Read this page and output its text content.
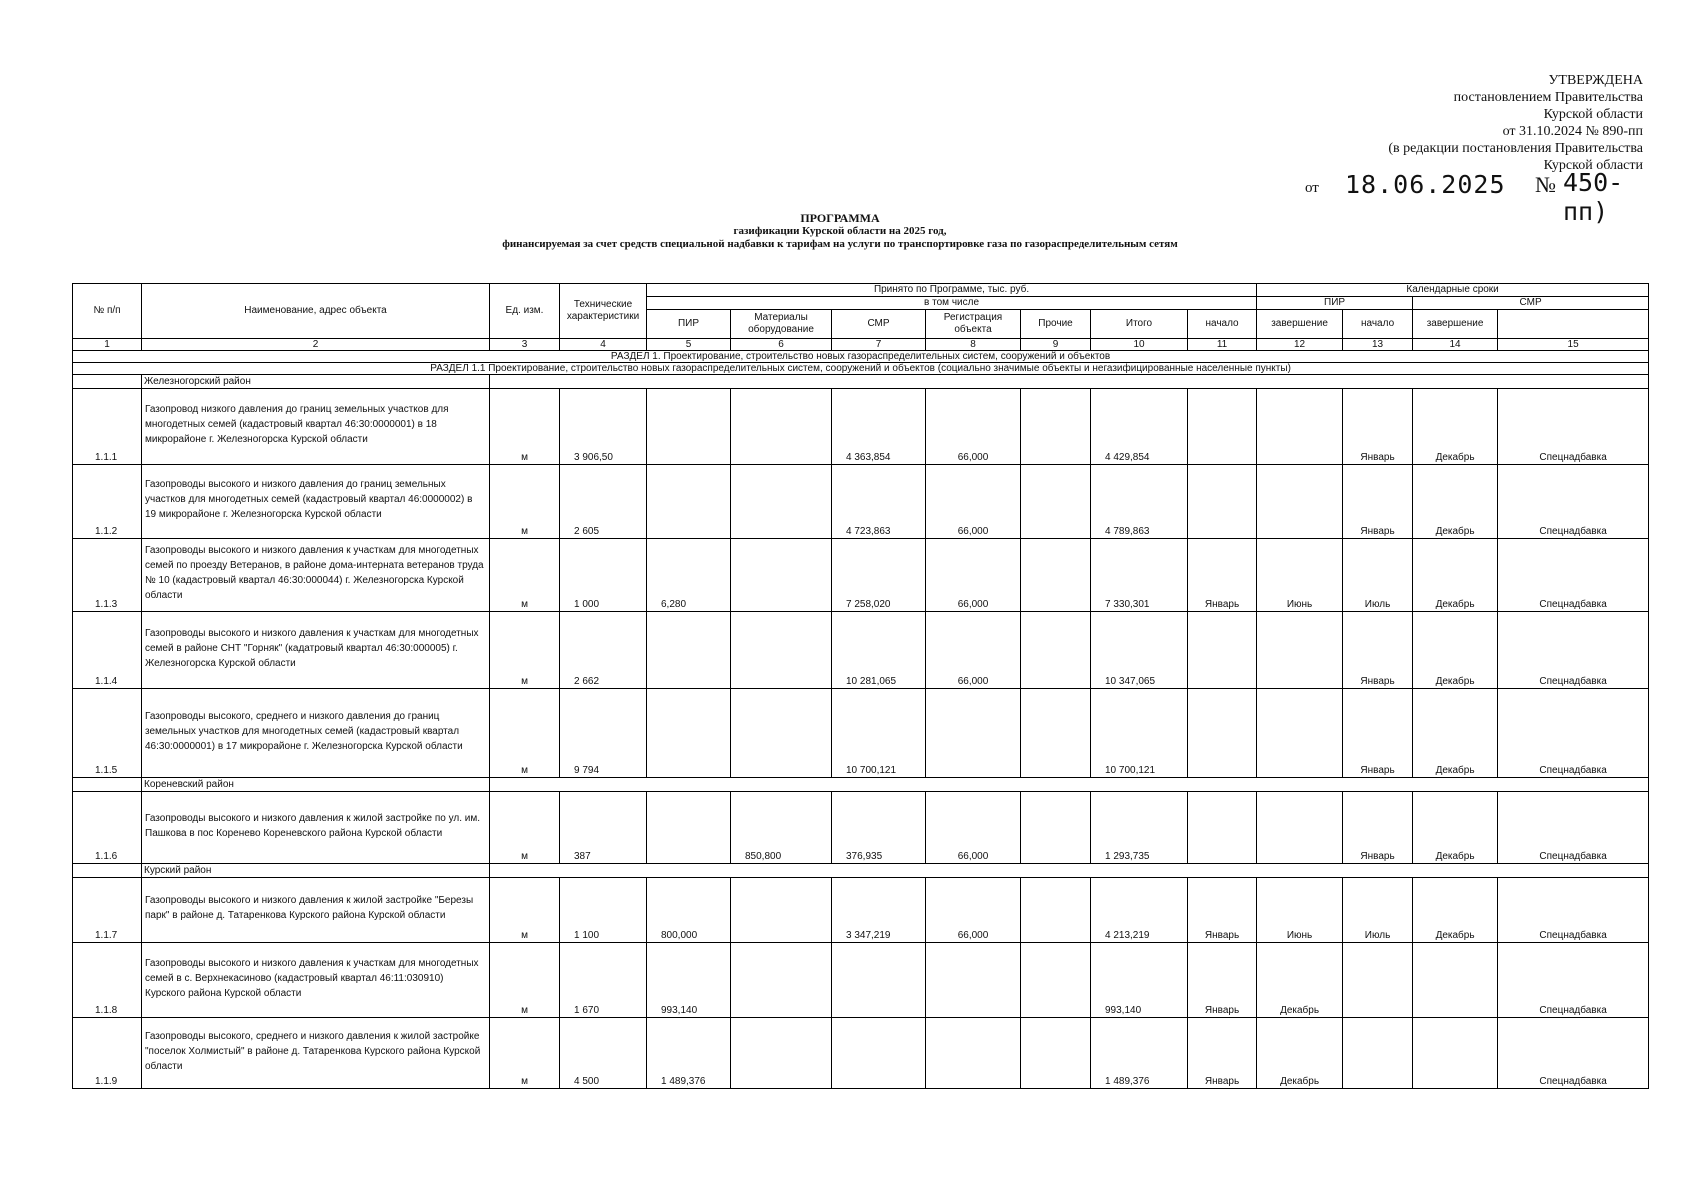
УТВЕРЖДЕНА
постановлением Правительства
Курской области
от 31.10.2024 № 890-пп
(в редакции постановления Правительства
Курской области
от 18.06.2025 № 450-пп)
ПРОГРАММА
газификации Курской области на 2025 год,
финансируемая за счет средств специальной надбавки к тарифам на услуги по транспортировке газа по газораспределительным сетям
№ п/п	Наименование, адрес объекта	Ед. изм.	Технические характеристики	Принято по Программе, тыс. руб.							Календарные сроки	
				в том числе							ПИР		СМР		
				ПИР	Материалы оборудование	СМР	Регистрация объекта	Прочие	Итого	начало	завершение	начало	завершение		
1	2	3	4	5	6	7	8	9	10	11	12	13	14	15	
РАЗДЕЛ 1. Проектирование, строительство новых газораспределительных систем, сооружений и объектов															
РАЗДЕЛ 1.1 Проектирование, строительство новых газораспределительных систем, сооружений и объектов (социально значимые объекты и негазифицированные населенные пункты)															
	Железногорский район														
1.1.1	Газопровод низкого давления до границ земельных участков для многодетных семей (кадастровый квартал 46:30:0000001) в 18 микрорайоне г. Железногорска Курской области	м	3 906,50			4 363,854	66,000		4 429,854			Январь	Декабрь	Спецнадбавка	
1.1.2	Газопроводы высокого и низкого давления до границ земельных участков для многодетных семей (кадастровый квартал 46:0000002) в 19 микрорайоне г. Железногорска Курской области	м	2 605			4 723,863	66,000		4 789,863			Январь	Декабрь	Спецнадбавка	
1.1.3	Газопроводы высокого и низкого давления к участкам для многодетных семей по проезду Ветеранов, в районе дома-интерната ветеранов труда № 10 (кадастровый квартал 46:30:000044) г. Железногорска Курской области	м	1 000	6,280		7 258,020	66,000		7 330,301	Январь	Июнь	Июль	Декабрь	Спецнадбавка	
1.1.4	Газопроводы высокого и низкого давления к участкам для многодетных семей в районе СНТ "Горняк" (кадатровый квартал 46:30:000005) г. Железногорска Курской области	м	2 662			10 281,065	66,000		10 347,065			Январь	Декабрь	Спецнадбавка	
1.1.5	Газопроводы высокого, среднего и низкого давления до границ земельных участков для многодетных семей (кадастровый квартал 46:30:0000001) в 17 микрорайоне г. Железногорска Курской области	м	9 794			10 700,121			10 700,121			Январь	Декабрь	Спецнадбавка	
	Кореневский район														
1.1.6	Газопроводы высокого и низкого давления к жилой застройке по ул. им. Пашкова в пос Коренево Кореневского района Курской области	м	387		850,800	376,935	66,000		1 293,735			Январь	Декабрь	Спецнадбавка	
	Курский район														
1.1.7	Газопроводы высокого и низкого давления к жилой застройке "Березы парк" в районе д. Татаренкова Курского района Курской области	м	1 100	800,000		3 347,219	66,000		4 213,219	Январь	Июнь	Июль	Декабрь	Спецнадбавка	
1.1.8	Газопроводы высокого и низкого давления к участкам для многодетных семей в с. Верхнекасиново (кадастровый квартал 46:11:030910) Курского района Курской области	м	1 670	993,140					993,140	Январь	Декабрь			Спецнадбавка	
1.1.9	Газопроводы высокого, среднего и низкого давления к жилой застройке "поселок Холмистый" в районе д. Татаренкова Курского района Курской области	м	4 500	1 489,376					1 489,376	Январь	Декабрь			Спецнадбавка	
